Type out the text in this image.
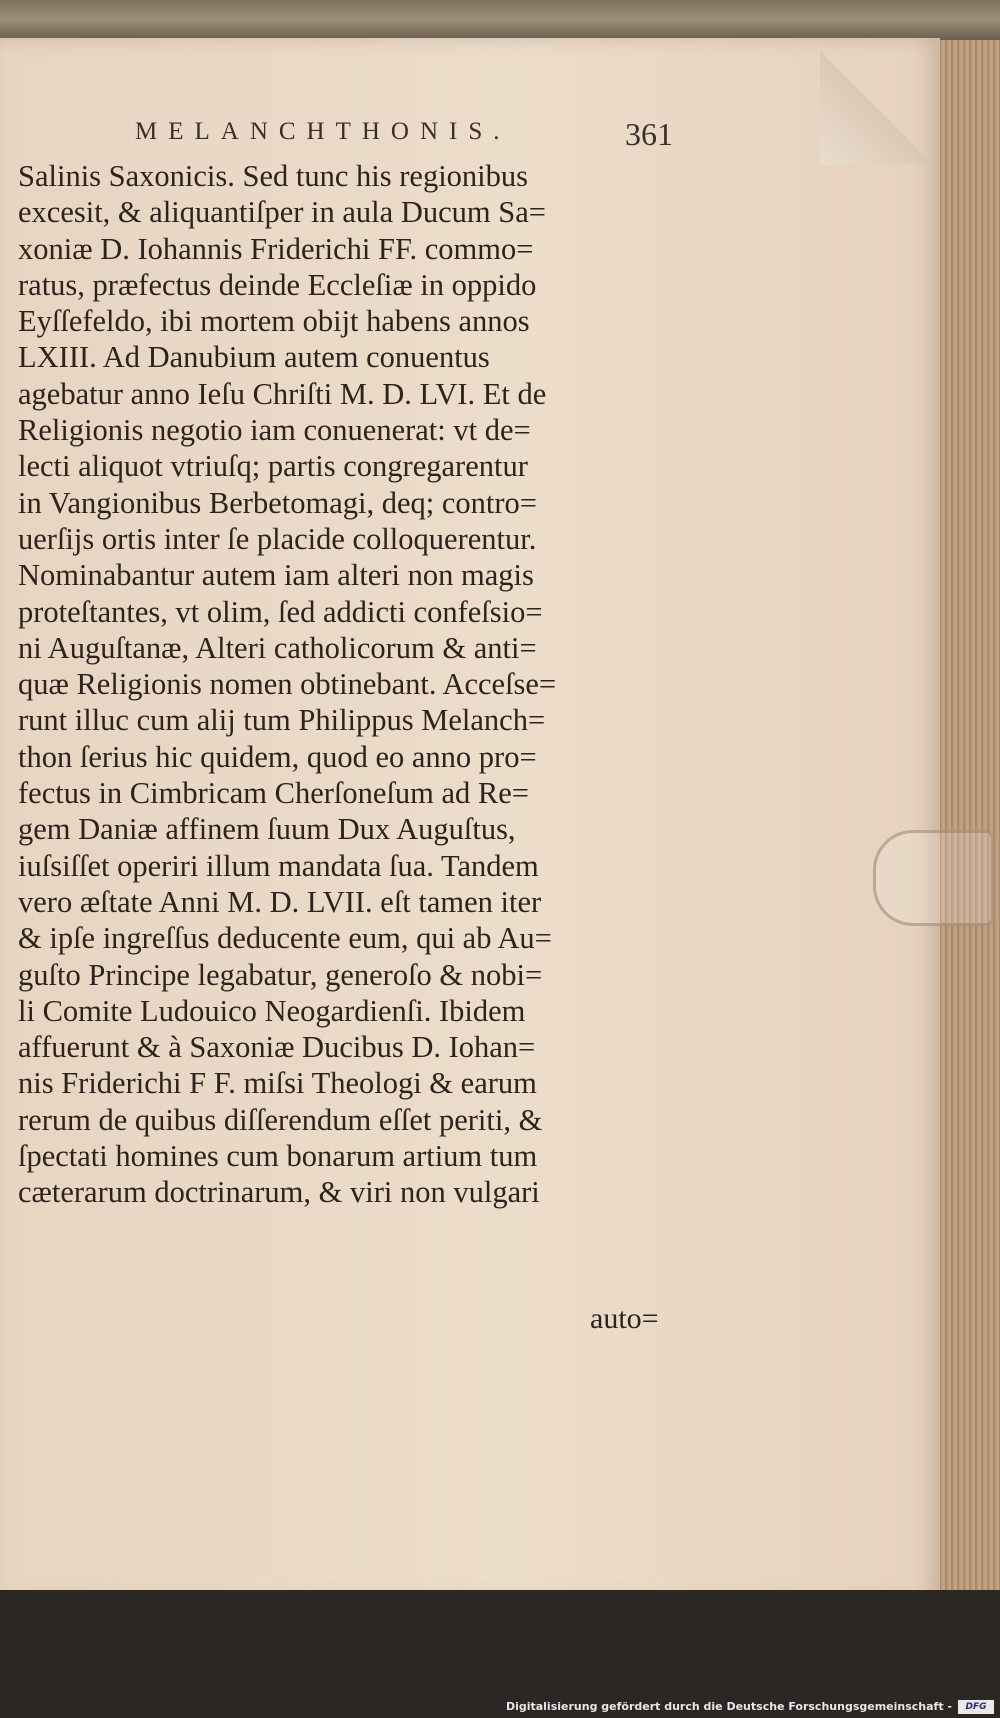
MELANCHTHONIS.	361
Salinis Saxonicis. Sed tunc his regionibus
excesit, & aliquantiſper in aula Ducum Sa=
xoniæ D. Iohannis Friderichi FF. commo=
ratus, præfectus deinde Eccleſiæ in oppido
Eyſſefeldo, ibi mortem obijt habens annos
LXIII. Ad Danubium autem conuentus
agebatur anno Ieſu Chriſti M. D. LVI. Et de
Religionis negotio iam conuenerat: vt de=
lecti aliquot vtriuſq; partis congregarentur
in Vangionibus Berbetomagi, deq; contro=
uerſijs ortis inter ſe placide colloquerentur.
Nominabantur autem iam alteri non magis
proteſtantes, vt olim, ſed addicti confeſsio=
ni Auguſtanæ, Alteri catholicorum & anti=
quæ Religionis nomen obtinebant. Acceſse=
runt illuc cum alij tum Philippus Melanch=
thon ſerius hic quidem, quod eo anno pro=
fectus in Cimbricam Cherſoneſum ad Re=
gem Daniæ affinem ſuum Dux Auguſtus,
iuſsiſſet operiri illum mandata ſua. Tandem
vero æſtate Anni M. D. LVII. eſt tamen iter
& ipſe ingreſſus deducente eum, qui ab Au=
guſto Principe legabatur, generoſo & nobi=
li Comite Ludouico Neogardienſi. Ibidem
affuerunt & à Saxoniæ Ducibus D. Iohan=
nis Friderichi F F. miſsi Theologi & earum
rerum de quibus diſſerendum eſſet periti, &
ſpectati homines cum bonarum artium tum
cæterarum doctrinarum, & viri non vulgari
auto=
Digitalisierung gefördert durch die Deutsche Forschungsgemeinschaft -	DFG
